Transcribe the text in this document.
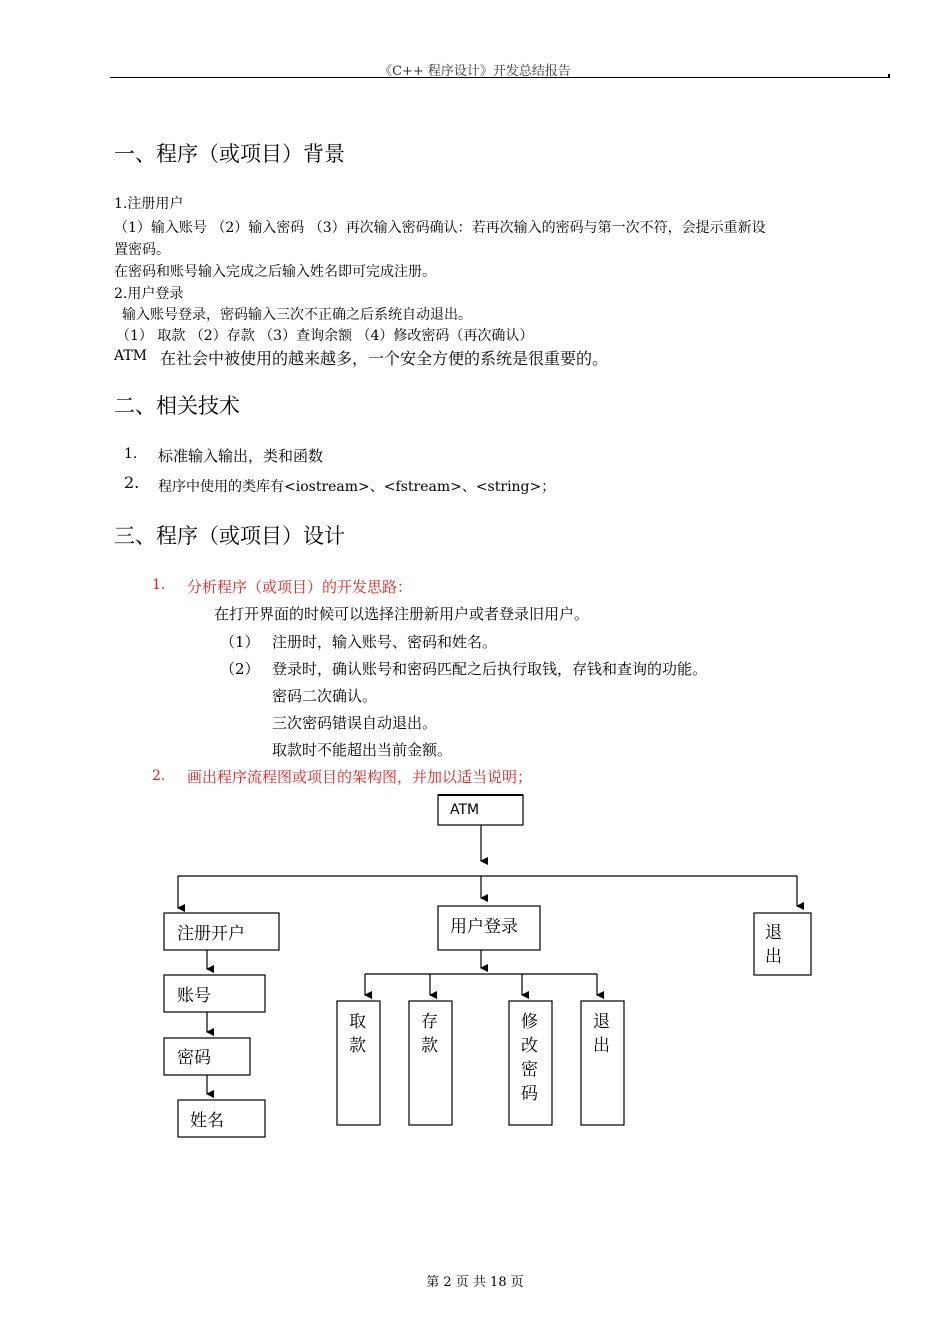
《C++ 程序设计》开发总结报告
一、程序（或项目）背景
1.注册用户
（1）输入账号 （2）输入密码 （3）再次输入密码确认：若再次输入的密码与第一次不符，会提示重新设
置密码。
在密码和账号输入完成之后输入姓名即可完成注册。
2.用户登录
输入账号登录，密码输入三次不正确之后系统自动退出。
（1） 取款 （2）存款 （3）查询余额 （4）修改密码（再次确认）
ATM 在社会中被使用的越来越多，一个安全方便的系统是很重要的。
二、相关技术
1. 标准输入输出，类和函数
2. 程序中使用的类库有<iostream>、<fstream>、<string>；
三、程序（或项目）设计
1. 分析程序（或项目）的开发思路：
在打开界面的时候可以选择注册新用户或者登录旧用户。
（1） 注册时，输入账号、密码和姓名。
（2） 登录时，确认账号和密码匹配之后执行取钱，存钱和查询的功能。
密码二次确认。
三次密码错误自动退出。
取款时不能超出当前金额。
2. 画出程序流程图或项目的架构图，并加以适当说明；
ATM
注册开户
账号
密码
姓名
用户登录	退
出
取
款
存
款
修
改
密
码
退
出
第 2 页 共 18 页
